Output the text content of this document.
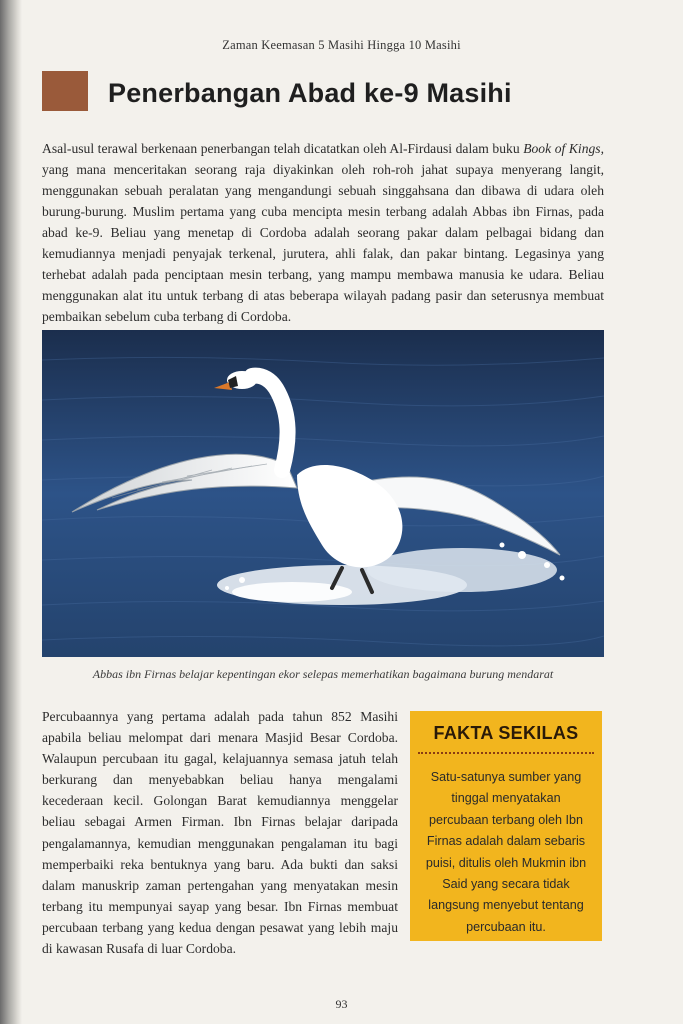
Zaman Keemasan 5 Masihi Hingga 10 Masihi
Penerbangan Abad ke-9 Masihi

Asal-usul terawal berkenaan penerbangan telah dicatatkan oleh Al-Firdausi dalam buku Book of Kings, yang mana menceritakan seorang raja diyakinkan oleh roh-roh jahat supaya menyerang langit, menggunakan sebuah peralatan yang mengandungi sebuah singgahsana dan dibawa di udara oleh burung-burung. Muslim pertama yang cuba mencipta mesin terbang adalah Abbas ibn Firnas, pada abad ke-9. Beliau yang menetap di Cordoba adalah seorang pakar dalam pelbagai bidang dan kemudiannya menjadi penyajak terkenal, jurutera, ahli falak, dan pakar bintang. Legasinya yang terhebat adalah pada penciptaan mesin terbang, yang mampu membawa manusia ke udara. Beliau menggunakan alat itu untuk terbang di atas beberapa wilayah padang pasir dan seterusnya membuat pembaikan sebelum cuba terbang di Cordoba.

Abbas ibn Firnas belajar kepentingan ekor selepas memerhatikan bagaimana burung mendarat

Percubaannya yang pertama adalah pada tahun 852 Masihi apabila beliau melompat dari menara Masjid Besar Cordoba. Walaupun percubaan itu gagal, kelajuannya semasa jatuh telah berkurang dan menyebabkan beliau hanya mengalami kecederaan kecil. Golongan Barat kemudiannya menggelar beliau sebagai Armen Firman. Ibn Firnas belajar daripada pengalamannya, kemudian menggunakan pengalaman itu bagi memperbaiki reka bentuknya yang baru. Ada bukti dan saksi dalam manuskrip zaman pertengahan yang menyatakan mesin terbang itu mempunyai sayap yang besar. Ibn Firnas membuat percubaan terbang yang kedua dengan pesawat yang lebih maju di kawasan Rusafa di luar Cordoba.

FAKTA SEKILAS

Satu-satunya sumber yang tinggal menyatakan percubaan terbang oleh Ibn Firnas adalah dalam sebaris puisi, ditulis oleh Mukmin ibn Said yang secara tidak langsung menyebut tentang percubaan itu.

93
